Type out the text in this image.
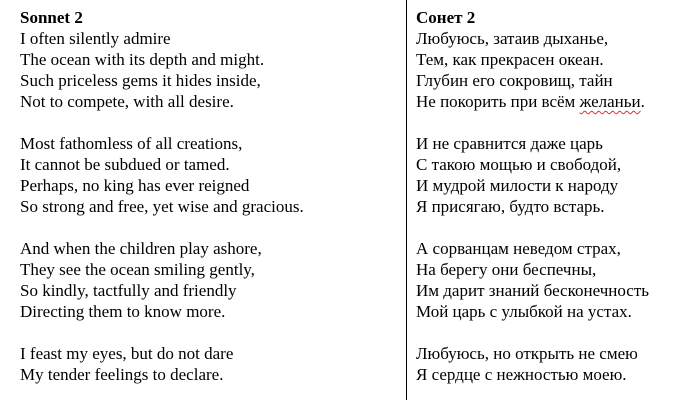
Sonnet 2
I often silently admire
The ocean with its depth and might.
Such priceless gems it hides inside,
Not to compete, with all desire.
Most fathomless of all creations,
It cannot be subdued or tamed.
Perhaps, no king has ever reigned
So strong and free, yet wise and gracious.
And when the children play ashore,
They see the ocean smiling gently,
So kindly, tactfully and friendly
Directing them to know more.
I feast my eyes, but do not dare
My tender feelings to declare.
Сонет 2
Любуюсь, затаив дыханье,
Тем, как прекрасен океан.
Глубин его сокровищ, тайн
Не покорить при всём желаньи.
И не сравнится даже царь
С такою мощью и свободой,
И мудрой милости к народу
Я присягаю, будто встарь.
А сорванцам неведом страх,
На берегу они беспечны,
Им дарит знаний бесконечность
Мой царь с улыбкой на устах.
Любуюсь, но открыть не смею
Я сердце с нежностью моею.
